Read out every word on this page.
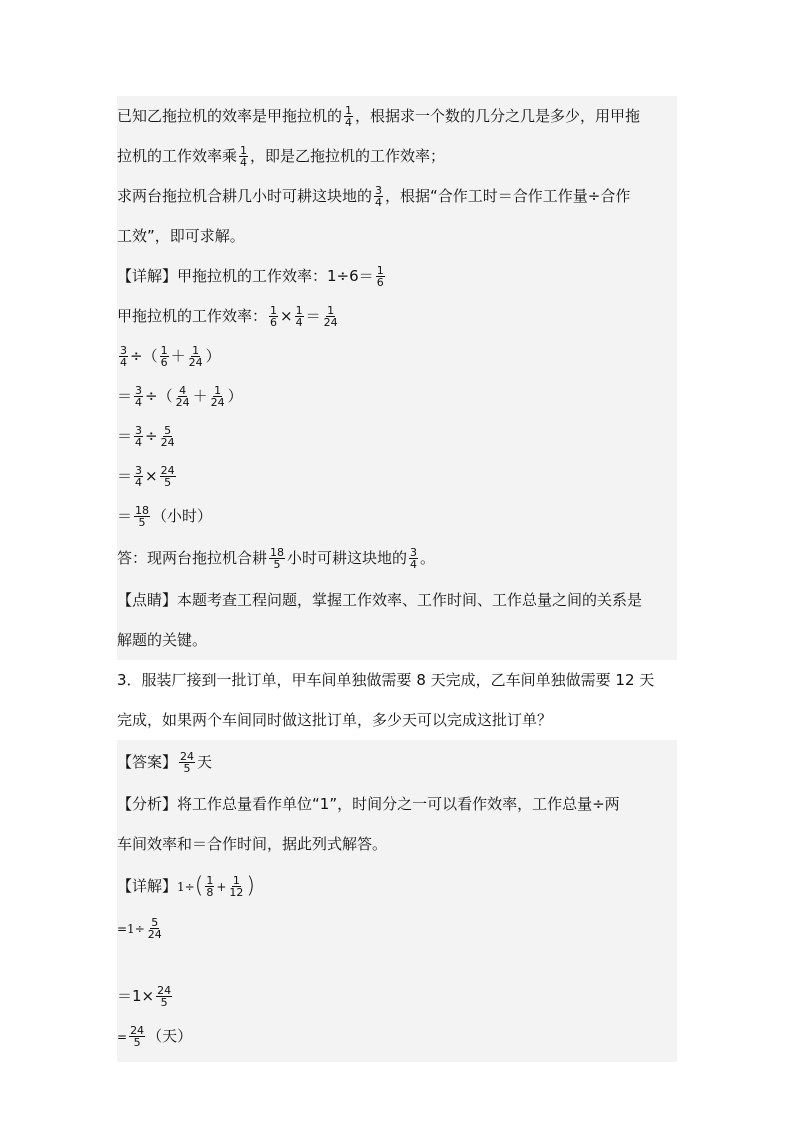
已知乙拖拉机的效率是甲拖拉机的 $\frac{1}{4}$ ，根据求一个数的几分之几是多少，用甲拖
拉机的工作效率乘 $\frac{1}{4}$ ，即是乙拖拉机的工作效率；
求两台拖拉机合耕几小时可耕这块地的 $\frac{3}{4}$ ，根据“合作工时＝合作工作量÷合作
工效”，即可求解。
【详解】甲拖拉机的工作效率：$1\div 6= \frac{1}{6}$
甲拖拉机的工作效率： $\frac{1}{6} \times \frac{1}{4} = \frac{1}{24}$
$\frac{3}{4}$ ÷（ $\frac{1}{6} + \frac{1}{24}$ ）
＝ $\frac{3}{4}$ ÷（ $\frac{4}{24} + \frac{1}{24}$ ）
＝ $\frac{3}{4} \div \frac{5}{24}$
＝ $\frac{3}{4} \times \frac{24}{5}$
＝ $\frac{18}{5}$ （小时）
答：现两台拖拉机合耕 $\frac{18}{5}$ 小时可耕这块地的 $\frac{3}{4}$ 。
【点睛】本题考查工程问题，掌握工作效率、工作时间、工作总量之间的关系是
解题的关键。
3．服装厂接到一批订单，甲车间单独做需要 8 天完成，乙车间单独做需要 12 天
完成，如果两个车间同时做这批订单，多少天可以完成这批订单？
【答案】 $\frac{24}{5}$ 天
【分析】将工作总量看作单位“1”，时间分之一可以看作效率，工作总量÷两
车间效率和＝合作时间，据此列式解答。
【详解】$1\div( \frac{1}{8} + \frac{1}{12}$ )
$=1\div \frac{5}{24}$
$=1\times \frac{24}{5}$
= $\frac{24}{5}$ （天）
